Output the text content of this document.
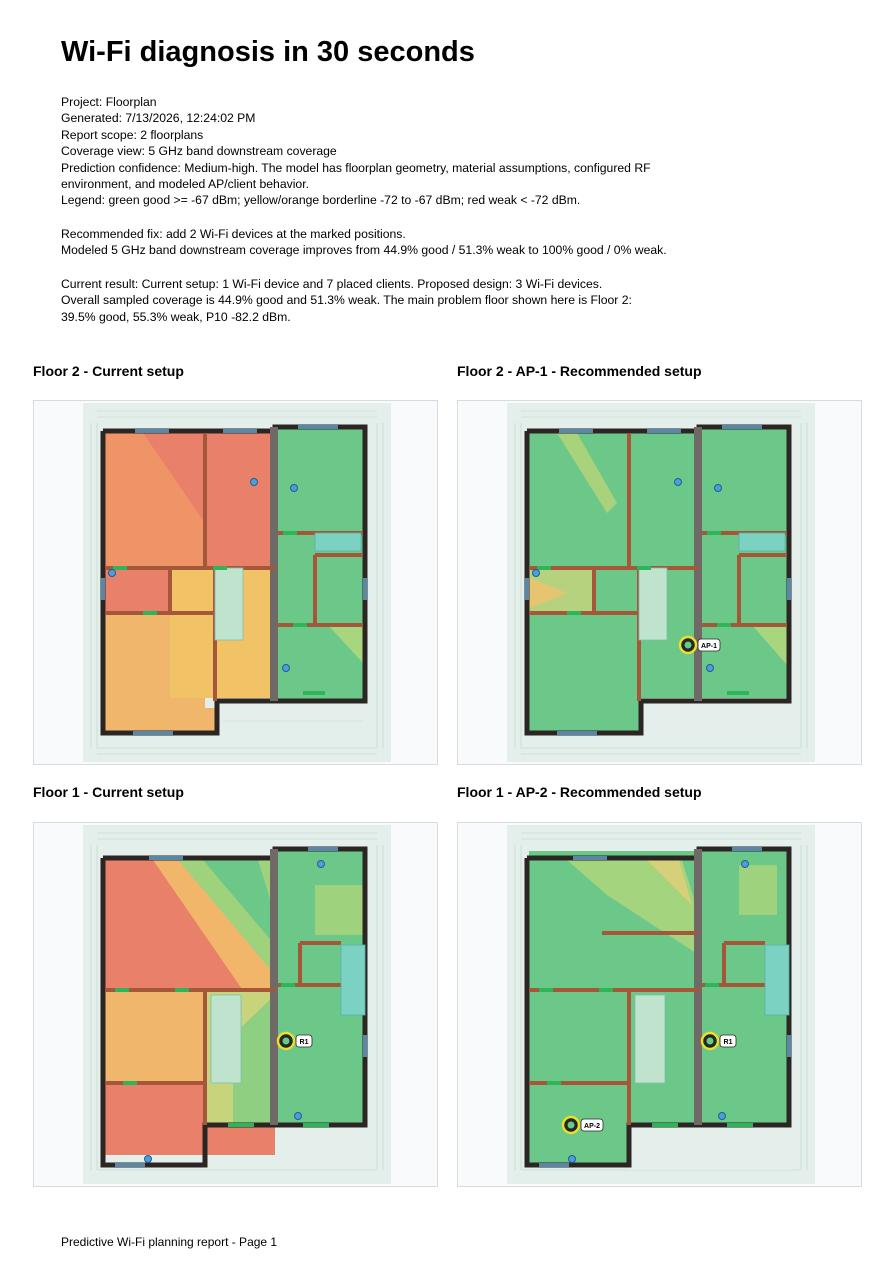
Wi-Fi diagnosis in 30 seconds
Project: Floorplan
Generated: 7/13/2026, 12:24:02 PM
Report scope: 2 floorplans
Coverage view: 5 GHz band downstream coverage
Prediction confidence: Medium-high. The model has floorplan geometry, material assumptions, configured RF
environment, and modeled AP/client behavior.
Legend: green good >= -67 dBm; yellow/orange borderline -72 to -67 dBm; red weak < -72 dBm.
Recommended fix: add 2 Wi-Fi devices at the marked positions.
Modeled 5 GHz band downstream coverage improves from 44.9% good / 51.3% weak to 100% good / 0% weak.
Current result: Current setup: 1 Wi-Fi device and 7 placed clients. Proposed design: 3 Wi-Fi devices.
Overall sampled coverage is 44.9% good and 51.3% weak. The main problem floor shown here is Floor 2:
39.5% good, 55.3% weak, P10 -82.2 dBm.
Floor 2 - Current setup	Floor 2 - AP-1 - Recommended setup
AP-1
Floor 1 - Current setup
R1
Floor 1 - AP-2 - Recommended setup
R1
AP-2
Predictive Wi-Fi planning report - Page 1
